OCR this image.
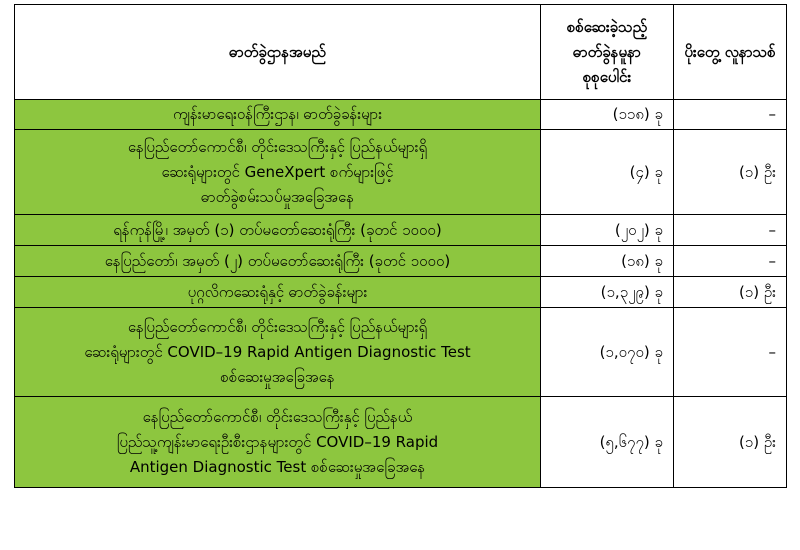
ဓာတ်ခွဲဌာနအမည်	စစ်ဆေးခဲ့သည့် ဓာတ်ခွဲနမူနာ စုစုပေါင်း	ပိုးတွေ့ လူနာသစ်

ကျန်းမာရေးဝန်ကြီးဌာန၊ ဓာတ်ခွဲခန်းများ	(၁၁၈) ခု	–

နေပြည်တော်ကောင်စီ၊ တိုင်းဒေသကြီးနှင့် ပြည်နယ်များရှိ
ဆေးရုံများတွင် GeneXpert စက်များဖြင့်
ဓာတ်ခွဲစမ်းသပ်မှုအခြေအနေ	(၄) ခု	(၁) ဦး

ရန်ကုန်မြို့၊ အမှတ် (၁) တပ်မတော်ဆေးရုံကြီး (ခုတင် ၁၀၀၀)	(၂၀၂) ခု	–

နေပြည်တော်၊ အမှတ် (၂) တပ်မတော်ဆေးရုံကြီး (ခုတင် ၁၀၀၀)	(၁၈) ခု	–

ပုဂ္ဂလိကဆေးရုံနှင့် ဓာတ်ခွဲခန်းများ	(၁,၃၂၉) ခု	(၁) ဦး

နေပြည်တော်ကောင်စီ၊ တိုင်းဒေသကြီးနှင့် ပြည်နယ်များရှိ
ဆေးရုံများတွင် COVID–19 Rapid Antigen Diagnostic Test
စစ်ဆေးမှုအခြေအနေ	(၁,၀၇၀) ခု	–

နေပြည်တော်ကောင်စီ၊ တိုင်းဒေသကြီးနှင့် ပြည်နယ်
ပြည်သူ့ကျန်းမာရေးဦးစီးဌာနများတွင် COVID–19 Rapid
Antigen Diagnostic Test စစ်ဆေးမှုအခြေအနေ	(၅,၆၇၇) ခု	(၁) ဦး
